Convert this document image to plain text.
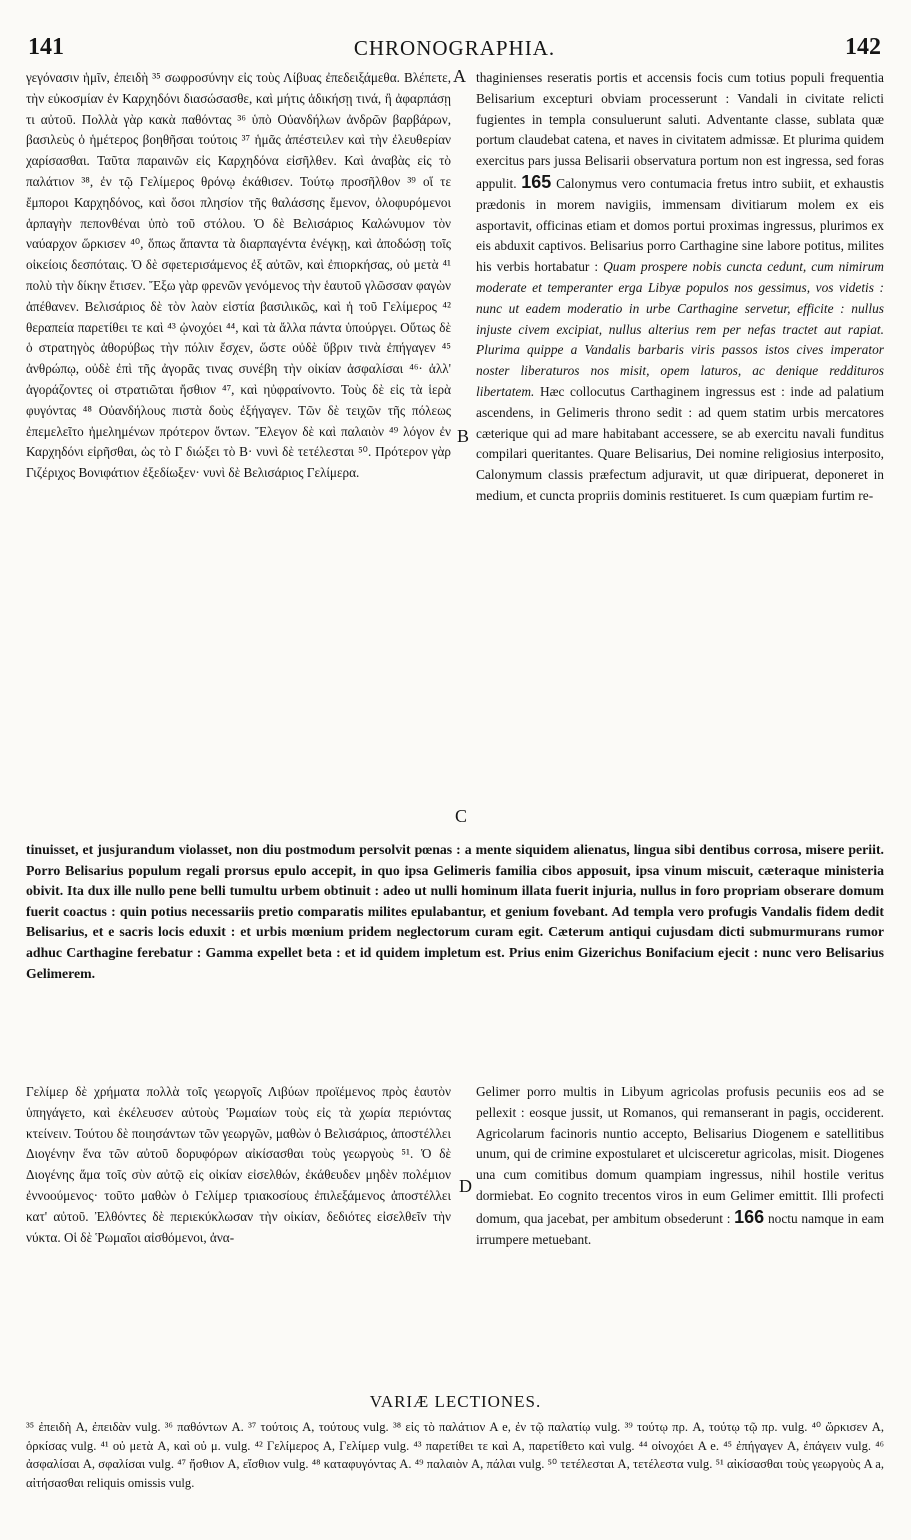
141	CHRONOGRAPHIA.	142

γεγόνασιν ἡμῖν, ἐπειδὴ ³⁵ σωφροσύνην εἰς τοὺς Λίβυας ἐπεδειξάμεθα. Βλέπετε, τὴν εὐκοσμίαν ἐν Καρχηδόνι διασώσασθε, καὶ μήτις ἀδικήσῃ τινά, ἢ ἀφαρπάσῃ τι αὐτοῦ. Πολλὰ γὰρ κακὰ παθόντας ³⁶ ὑπὸ Οὐανδήλων ἀνδρῶν βαρβάρων, βασιλεὺς ὁ ἡμέτερος βοηθῆσαι τούτοις ³⁷ ἡμᾶς ἀπέστειλεν καὶ τὴν ἐλευθερίαν χαρίσασθαι. Ταῦτα παραινῶν εἰς Καρχηδόνα εἰσῆλθεν. Καὶ ἀναβὰς εἰς τὸ παλάτιον ³⁸, ἐν τῷ Γελίμερος θρόνῳ ἐκάθισεν. Τούτῳ προσῆλθον ³⁹ οἵ τε ἔμποροι Καρχηδόνος, καὶ ὅσοι πλησίον τῆς θαλάσσης ἔμενον, ὀλοφυρόμενοι ἁρπαγὴν πεπονθέναι ὑπὸ τοῦ στόλου. Ὁ δὲ Βελισάριος Καλώνυμον τὸν ναύαρχον ὥρκισεν ⁴⁰, ὅπως ἅπαντα τὰ διαρπαγέντα ἐνέγκῃ, καὶ ἀποδώσῃ τοῖς οἰκείοις δεσπόταις. Ὁ δὲ σφετερισάμενος ἐξ αὐτῶν, καὶ ἐπιορκήσας, οὐ μετὰ ⁴¹ πολὺ τὴν δίκην ἔτισεν. Ἔξω γὰρ φρενῶν γενόμενος τὴν ἑαυτοῦ γλῶσσαν φαγὼν ἀπέθανεν. Βελισάριος δὲ τὸν λαὸν εἱστία βασιλικῶς, καὶ ἡ τοῦ Γελίμερος ⁴² θεραπεία παρετίθει τε καὶ ⁴³ ᾠνοχόει ⁴⁴, καὶ τὰ ἄλλα πάντα ὑπούργει. Οὕτως δὲ ὁ στρατηγὸς ἀθορύβως τὴν πόλιν ἔσχεν, ὥστε οὐδὲ ὕβριν τινὰ ἐπήγαγεν ⁴⁵ ἀνθρώπῳ, οὐδὲ ἐπὶ τῆς ἀγορᾶς τινας συνέβη τὴν οἰκίαν ἀσφαλίσαι ⁴⁶· ἀλλ' ἀγοράζοντες οἱ στρατιῶται ἤσθιον ⁴⁷, καὶ ηὐφραίνοντο. Τοὺς δὲ εἰς τὰ ἱερὰ φυγόντας ⁴⁸ Οὐανδήλους πιστὰ δοὺς ἐξήγαγεν. Τῶν δὲ τειχῶν τῆς πόλεως ἐπεμελεῖτο ἠμελημένων πρότερον ὄντων. Ἔλεγον δὲ καὶ παλαιὸν ⁴⁹ λόγον ἐν Καρχηδόνι εἰρῆσθαι, ὡς τὸ Γ διώξει τὸ Β· νυνὶ δὲ τετέλεσται ⁵⁰. Πρότερον γὰρ Γιζέριχος Βονιφάτιον ἐξεδίωξεν· νυνὶ δὲ Βελισάριος Γελίμερα.

A
B
C
D

thaginienses reseratis portis et accensis focis cum totius populi frequentia Belisarium excepturi obviam processerunt : Vandali in civitate relicti fugientes in templa consuluerunt saluti. Adventante classe, sublata quæ portum claudebat catena, et naves in civitatem admissæ. Et plurima quidem exercitus pars jussa Belisarii observatura portum non est ingressa, sed foras appulit. 165 Calonymus vero contumacia fretus intro subiit, et exhaustis prædonis in morem navigiis, immensam divitiarum molem ex eis asportavit, officinas etiam et domos portui proximas ingressus, plurimos ex eis abduxit captivos. Belisarius porro Carthagine sine labore potitus, milites his verbis hortabatur : Quam prospere nobis cuncta cedunt, cum nimirum moderate et temperanter erga Libyæ populos nos gessimus, vos videtis : nunc ut eadem moderatio in urbe Carthagine servetur, efficite : nullus injuste civem excipiat, nullus alterius rem per nefas tractet aut rapiat. Plurima quippe a Vandalis barbaris viris passos istos cives imperator noster liberaturos nos misit, opem laturos, ac denique reddituros libertatem. Hæc collocutus Carthaginem ingressus est : inde ad palatium ascendens, in Gelimeris throno sedit : ad quem statim urbis mercatores cæterique qui ad mare habitabant accessere, se ab exercitu navali funditus compilari queritantes. Quare Belisarius, Dei nomine religiosius interposito, Calonymum classis præfectum adjuravit, ut quæ diripuerat, deponeret in medium, et cuncta propriis dominis restitueret. Is cum quæpiam furtim re-

tinuisset, et jusjurandum violasset, non diu postmodum persolvit pœnas : a mente siquidem alienatus, lingua sibi dentibus corrosa, misere periit. Porro Belisarius populum regali prorsus epulo accepit, in quo ipsa Gelimeris familia cibos apposuit, ipsa vinum miscuit, cæteraque ministeria obivit. Ita dux ille nullo pene belli tumultu urbem obtinuit : adeo ut nulli hominum illata fuerit injuria, nullus in foro propriam obserare domum fuerit coactus : quin potius necessariis pretio comparatis milites epulabantur, et genium fovebant. Ad templa vero profugis Vandalis fidem dedit Belisarius, et e sacris locis eduxit : et urbis mœnium pridem neglectorum curam egit. Cæterum antiqui cujusdam dicti submurmurans rumor adhuc Carthagine ferebatur : Gamma expellet beta : et id quidem impletum est. Prius enim Gizerichus Bonifacium ejecit : nunc vero Belisarius Gelimerem.

Γελίμερ δὲ χρήματα πολλὰ τοῖς γεωργοῖς Λιβύων προϊέμενος πρὸς ἑαυτὸν ὑπηγάγετο, καὶ ἐκέλευσεν αὐτοὺς Ῥωμαίων τοὺς εἰς τὰ χωρία περιόντας κτείνειν. Τούτου δὲ ποιησάντων τῶν γεωργῶν, μαθὼν ὁ Βελισάριος, ἀποστέλλει Διογένην ἕνα τῶν αὐτοῦ δορυφόρων αἰκίσασθαι τοὺς γεωργοὺς ⁵¹. Ὁ δὲ Διογένης ἅμα τοῖς σὺν αὐτῷ εἰς οἰκίαν εἰσελθών, ἐκάθευδεν μηδὲν πολέμιον ἐννοούμενος· τοῦτο μαθὼν ὁ Γελίμερ τριακοσίους ἐπιλεξάμενος ἀποστέλλει κατ' αὐτοῦ. Ἐλθόντες δὲ περιεκύκλωσαν τὴν οἰκίαν, δεδιότες εἰσελθεῖν τὴν νύκτα. Οἱ δὲ Ῥωμαῖοι αἰσθόμενοι, ἀνα-

Gelimer porro multis in Libyum agricolas profusis pecuniis eos ad se pellexit : eosque jussit, ut Romanos, qui remanserant in pagis, occiderent. Agricolarum facinoris nuntio accepto, Belisarius Diogenem e satellitibus unum, qui de crimine expostularet et ulcisceretur agricolas, misit. Diogenes una cum comitibus domum quampiam ingressus, nihil hostile veritus dormiebat. Eo cognito trecentos viros in eum Gelimer emittit. Illi profecti domum, qua jacebat, per ambitum obsederunt : 166 noctu namque in eam irrumpere metuebant.

VARIÆ LECTIONES.
³⁵ ἐπειδὴ A, ἐπειδὰν vulg. ³⁶ παθόντων A. ³⁷ τούτοις A, τούτους vulg. ³⁸ εἰς τὸ παλάτιον A e, ἐν τῷ παλατίῳ vulg. ³⁹ τούτῳ πρ. A, τούτῳ τῷ πρ. vulg. ⁴⁰ ὥρκισεν A, ὁρκίσας vulg. ⁴¹ οὐ μετὰ A, καὶ οὐ μ. vulg. ⁴² Γελίμερος A, Γελίμερ vulg. ⁴³ παρετίθει τε καὶ A, παρετίθετο καὶ vulg. ⁴⁴ οἰνοχόει A e. ⁴⁵ ἐπήγαγεν A, ἐπάγειν vulg. ⁴⁶ ἀσφαλίσαι A, σφαλίσαι vulg. ⁴⁷ ἤσθιον A, εἴσθιον vulg. ⁴⁸ καταφυγόντας A. ⁴⁹ παλαιὸν A, πάλαι vulg. ⁵⁰ τετέλεσται A, τετέλεστα vulg. ⁵¹ αἰκίσασθαι τοὺς γεωργοὺς A a, αἰτήσασθαι reliquis omissis vulg.
